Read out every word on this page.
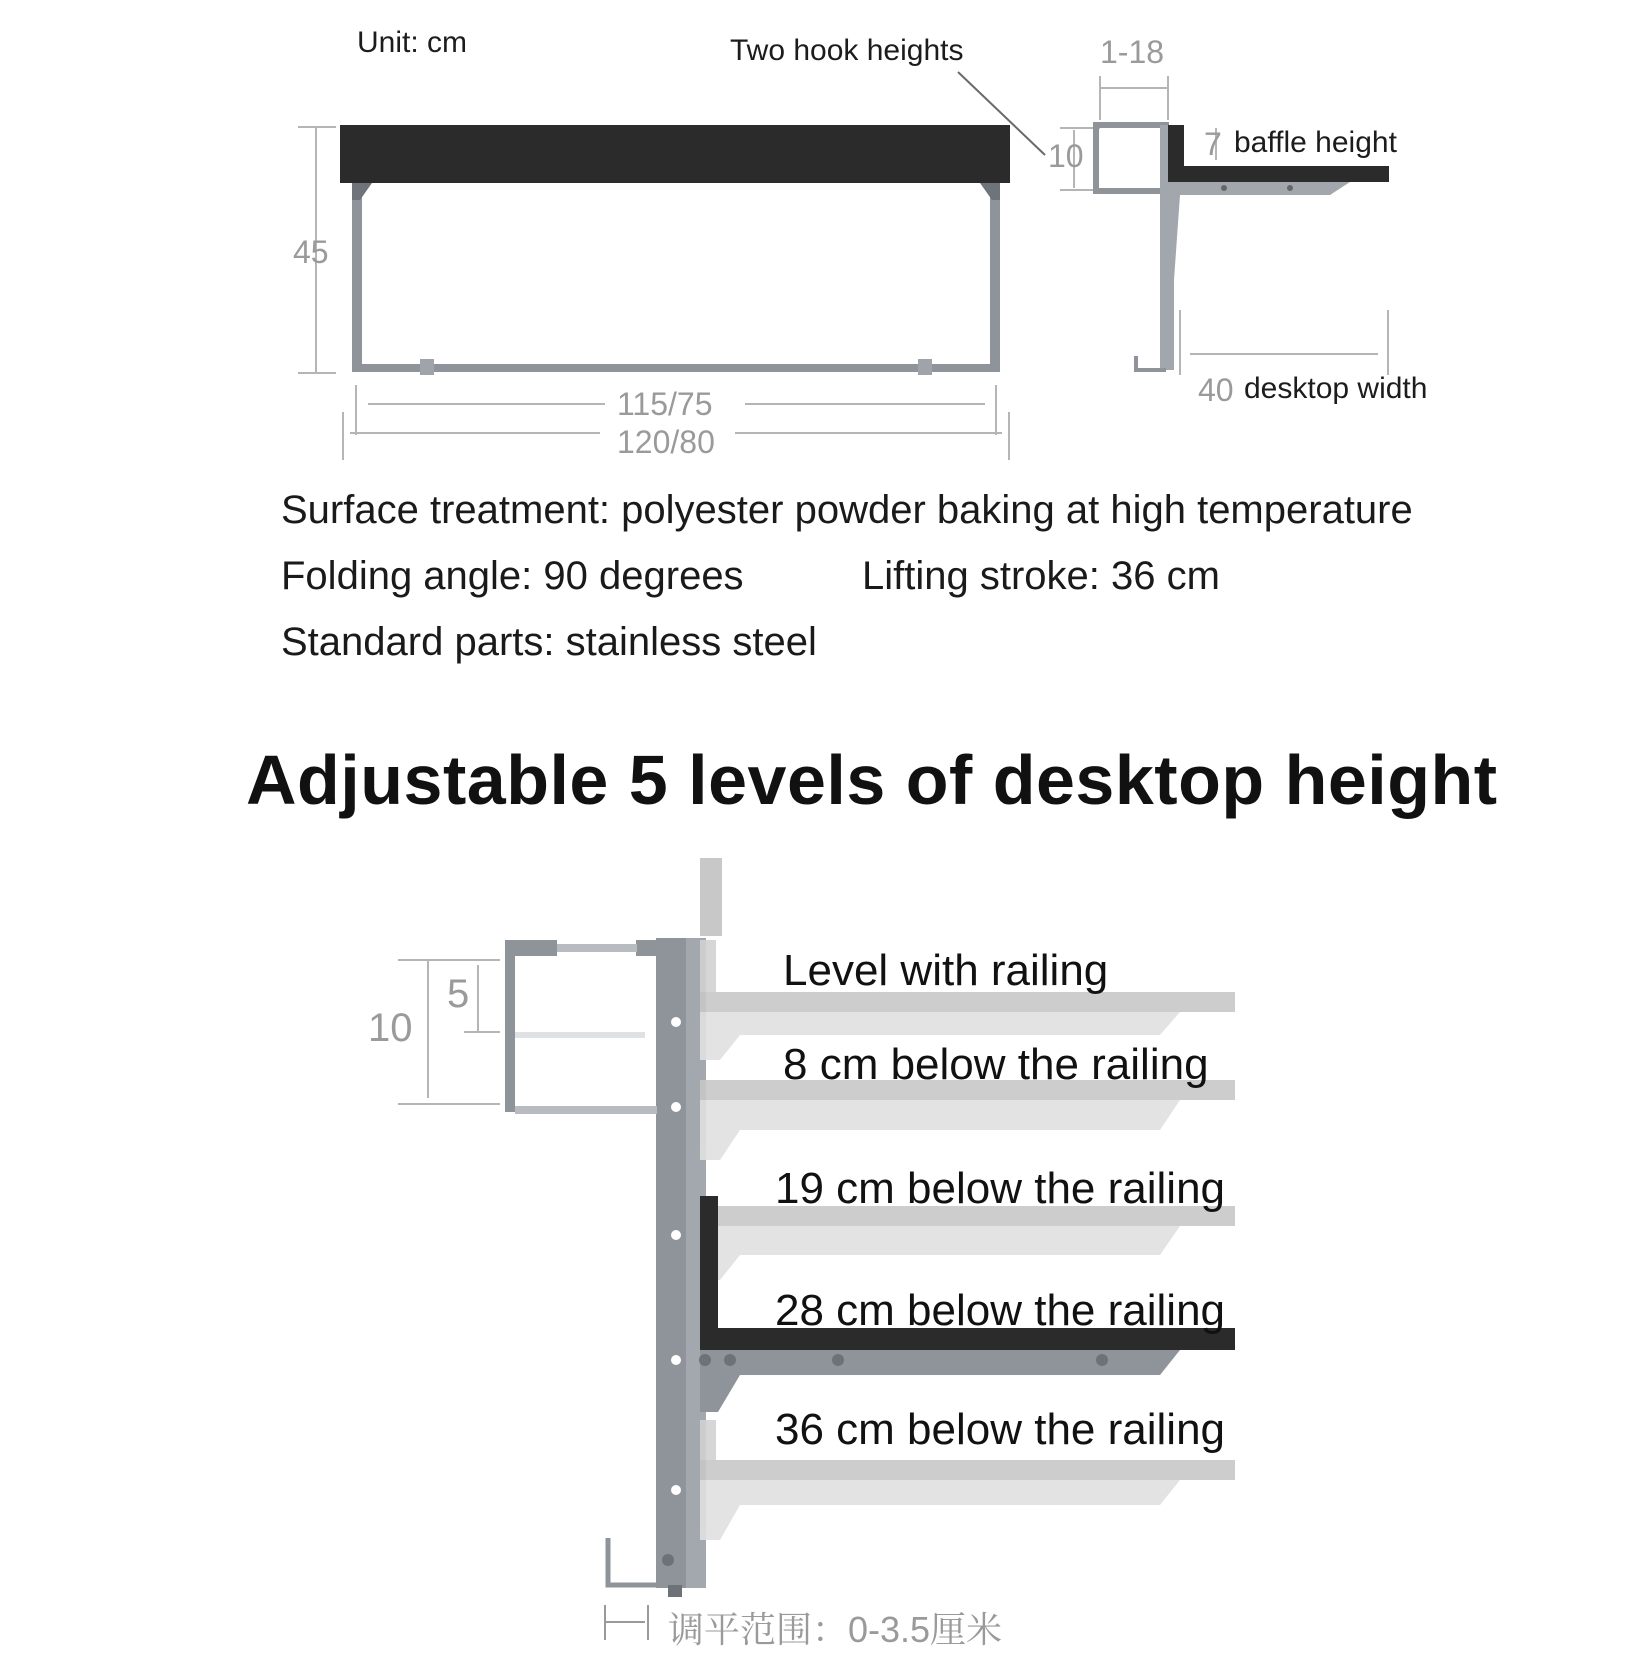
Unit: cm	Two hook heights	1-18
10	7 baffle height
45
115/75
120/80
40 desktop width
Surface treatment: polyester powder baking at high temperature
Folding angle: 90 degrees	Lifting stroke: 36 cm
Standard parts: stainless steel
Adjustable 5 levels of desktop height
10
5	Level with railing
8 cm below the railing
19 cm below the railing
28 cm below the railing
36 cm below the railing
调平范围：0-3.5厘米
